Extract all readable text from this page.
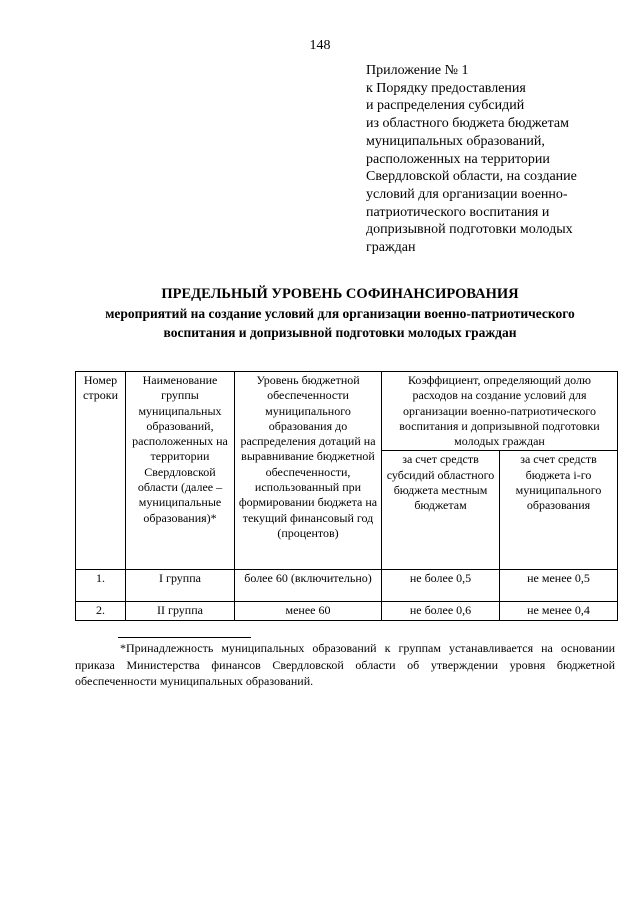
148
Приложение № 1
к Порядку предоставления
и распределения субсидий
из областного бюджета бюджетам
муниципальных образований,
расположенных на территории
Свердловской области, на создание
условий для организации военно-
патриотического воспитания и
допризывной подготовки молодых
граждан
ПРЕДЕЛЬНЫЙ УРОВЕНЬ СОФИНАНСИРОВАНИЯ
мероприятий на создание условий для организации военно-патриотического
воспитания и допризывной подготовки молодых граждан
Номер строки	Наименование группы муниципальных образований, расположенных на территории Свердловской области (далее – муниципальные образования)*	Уровень бюджетной обеспеченности муниципального образования до распределения дотаций на выравнивание бюджетной обеспеченности, использованный при формировании бюджета на текущий финансовый год (процентов)	Коэффициент, определяющий долю расходов на создание условий для организации военно-патриотического воспитания и допризывной подготовки молодых граждан	
			за счет средств субсидий областного бюджета местным бюджетам	за счет средств бюджета i-го муниципального образования
1.	I группа	более 60 (включительно)	не более 0,5	не менее 0,5
2.	II группа	менее 60	не более 0,6	не менее 0,4
*Принадлежность муниципальных образований к группам устанавливается на основании приказа Министерства финансов Свердловской области об утверждении уровня бюджетной обеспеченности муниципальных образований.
